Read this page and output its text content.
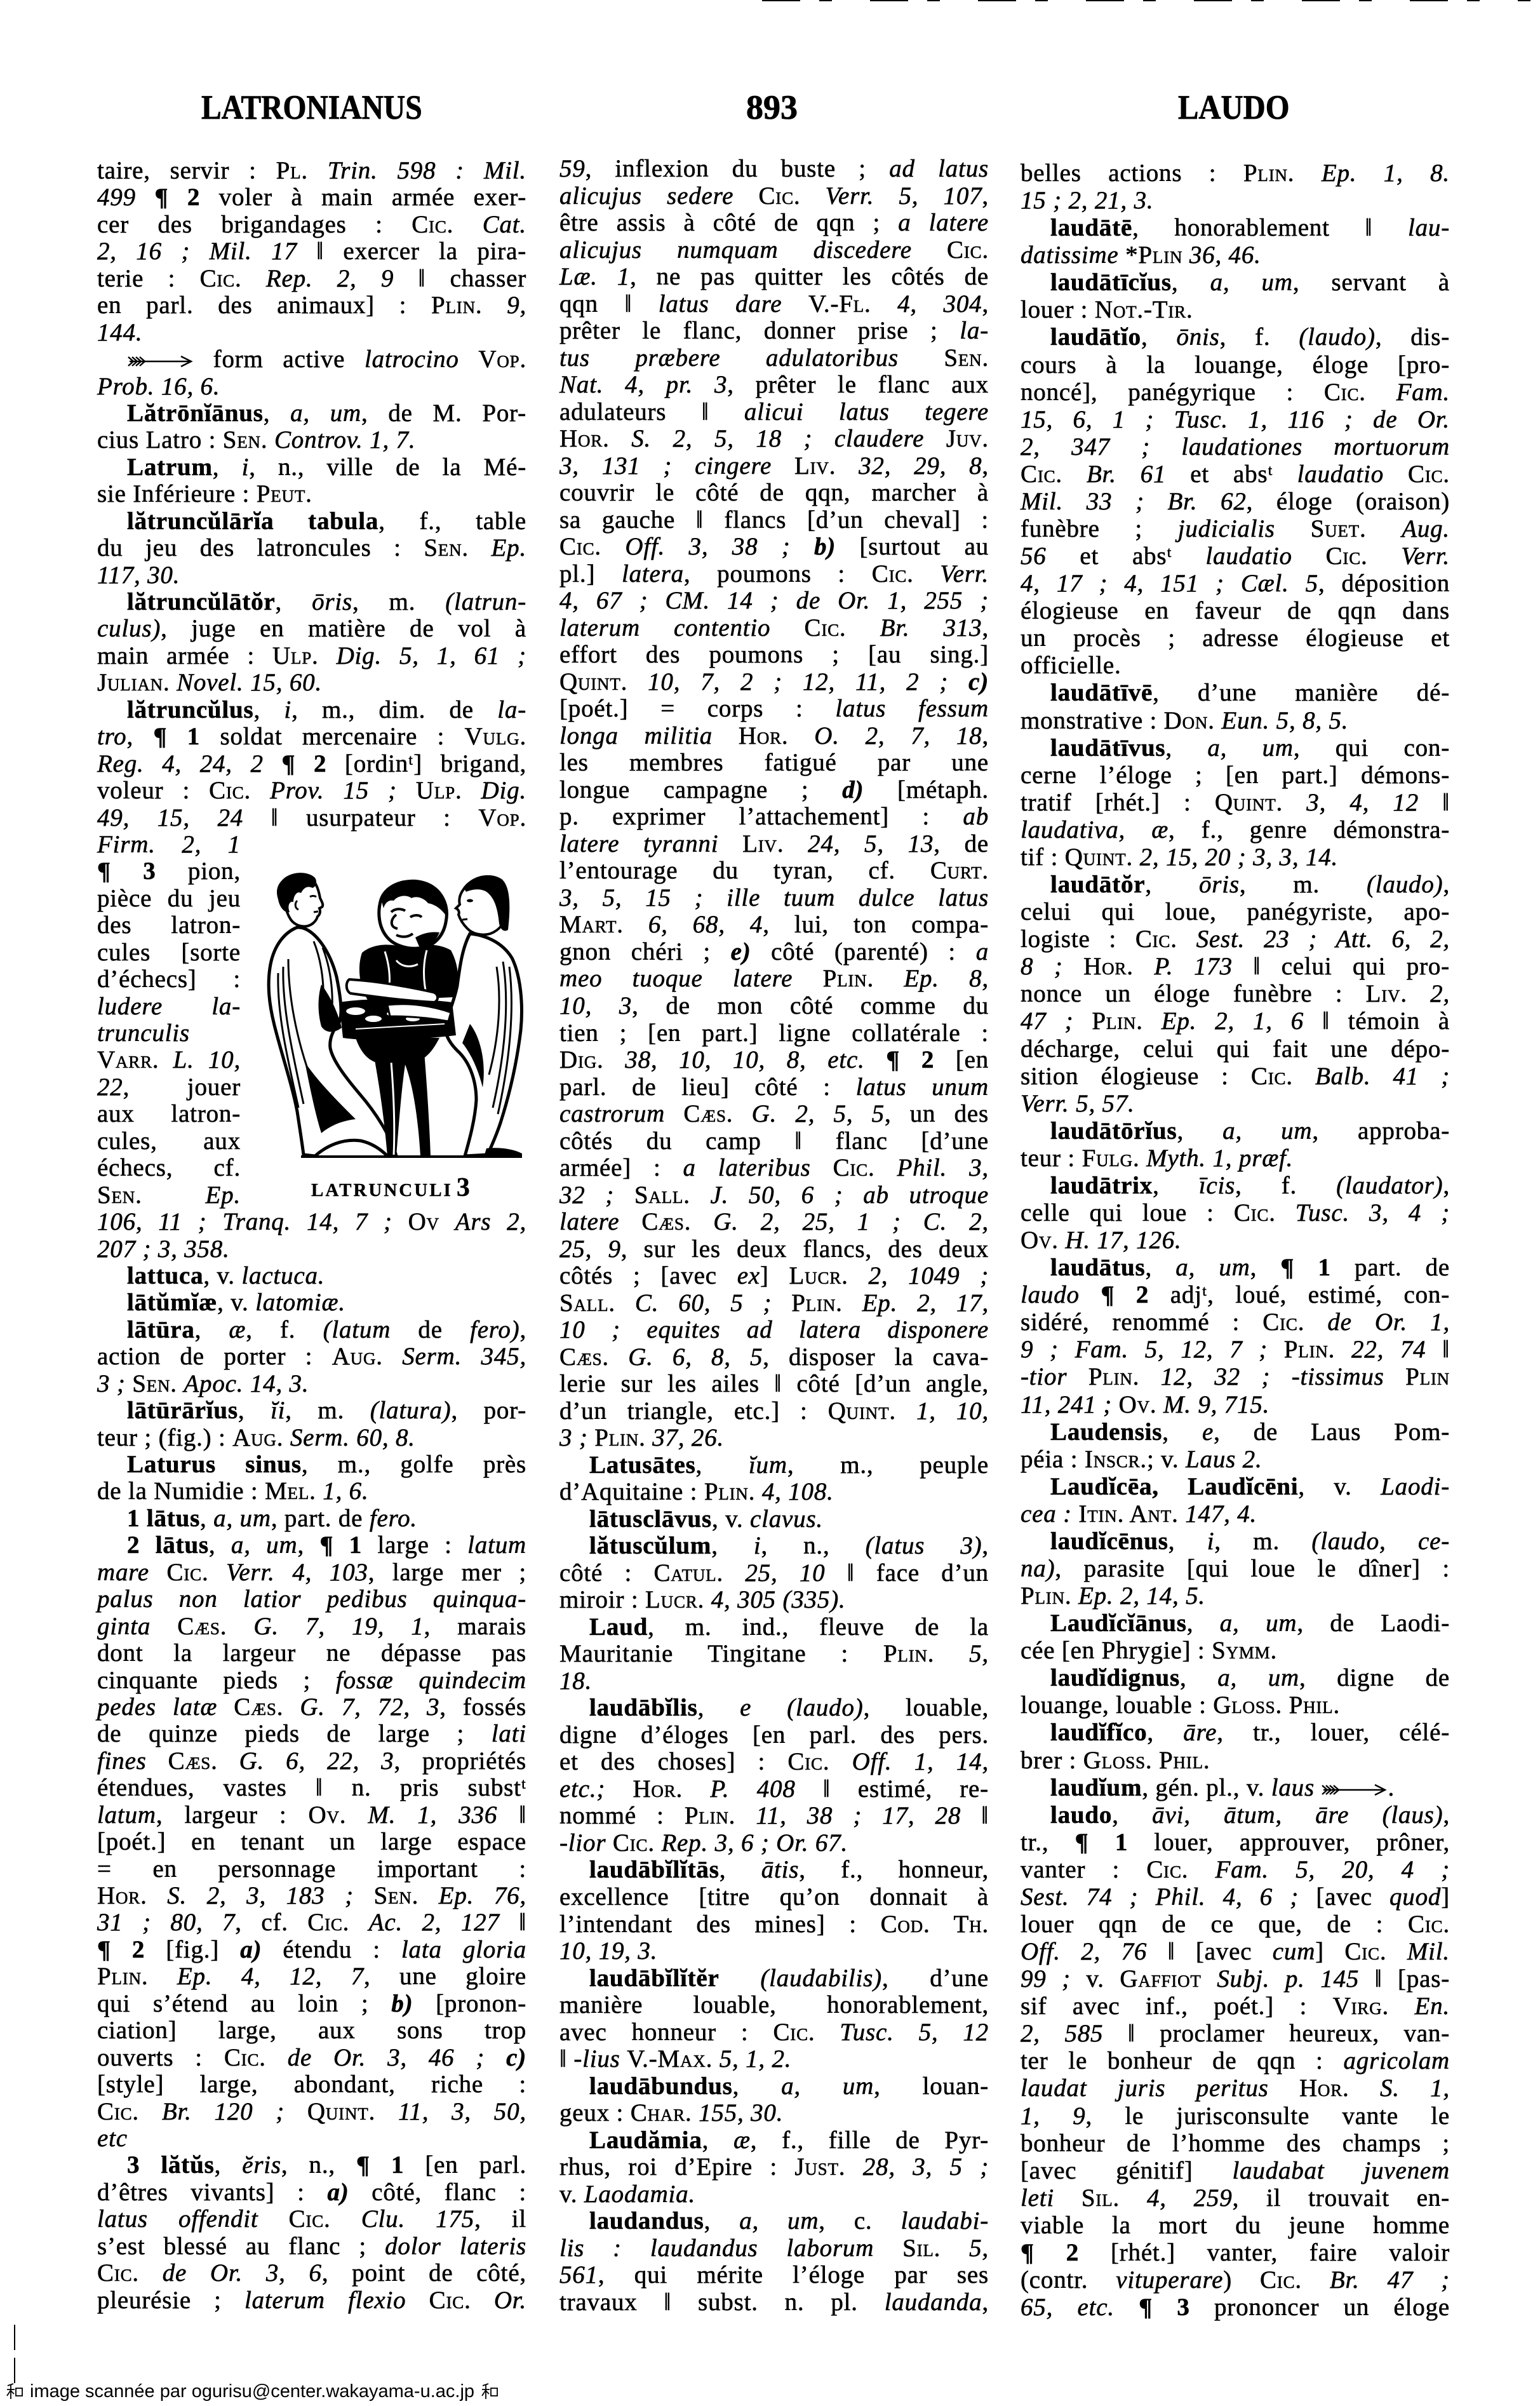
LATRONIANUS	893	LAUDO
taire, servir : Pl. Trin. 598 : Mil.
499 ¶ 2 voler à main armée exer-
cer des brigandages : Cic. Cat.
2, 16 ; Mil. 17 ‖ exercer la pira-
terie : Cic. Rep. 2, 9 ‖ chasser
en parl. des animaux] : Plin. 9,
144.
form active latrocino Vop.
Prob. 16, 6.
Lătrōnĭānus, a, um, de M. Por-
cius Latro : Sen. Controv. 1, 7.
Latrum, i, n., ville de la Mé-
sie Inférieure : Peut.
lătruncŭlārĭa tabula, f., table
du jeu des latroncules : Sen. Ep.
117, 30.
lătruncŭlātŏr, ōris, m. (latrun-
culus), juge en matière de vol à
main armée : Ulp. Dig. 5, 1, 61 ;
Julian. Novel. 15, 60.
lătruncŭlus, i, m., dim. de la-
tro, ¶ 1 soldat mercenaire : Vulg.
Reg. 4, 24, 2 ¶ 2 [ordinᵗ] brigand,
voleur : Cic. Prov. 15 ; Ulp. Dig.
49, 15, 24 ‖ usurpateur : Vop.
LATRUNCULI 3
Firm. 2, 1
¶ 3 pion,
pièce du jeu
des latron-
cules [sorte
d’échecs] :
ludere la-
trunculis
Varr. L. 10,
22, jouer
aux latron-
cules, aux
échecs, cf.
Sen.	Ep.
106, 11 ; Tranq. 14, 7 ; Ov Ars 2,
207 ; 3, 358.
lattuca, v. lactuca.
lātŭmĭæ, v. latomiæ.
lātūra, æ, f. (latum de fero),
action de porter : Aug. Serm. 345,
3 ; Sen. Apoc. 14, 3.
lātūrārĭus, ĭi, m. (latura), por-
teur ; (fig.) : Aug. Serm. 60, 8.
Laturus sinus, m., golfe près
de la Numidie : Mel. 1, 6.
1 lātus, a, um, part. de fero.
2 lātus, a, um, ¶ 1 large : latum
mare Cic. Verr. 4, 103, large mer ;
palus non latior pedibus quinqua-
ginta Cæs. G. 7, 19, 1, marais
dont la largeur ne dépasse pas
cinquante pieds ; fossæ quindecim
pedes latæ Cæs. G. 7, 72, 3, fossés
de quinze pieds de large ; lati
fines Cæs. G. 6, 22, 3, propriétés
étendues, vastes ‖ n. pris substᵗ
latum, largeur : Ov. M. 1, 336 ‖
[poét.] en tenant un large espace
= en personnage important :
Hor. S. 2, 3, 183 ; Sen. Ep. 76,
31 ; 80, 7, cf. Cic. Ac. 2, 127 ‖
¶ 2 [fig.] a) étendu : lata gloria
Plin. Ep. 4, 12, 7, une gloire
qui s’étend au loin ; b) [pronon-
ciation] large, aux sons trop
ouverts : Cic. de Or. 3, 46 ; c)
[style] large, abondant, riche :
Cic. Br. 120 ; Quint. 11, 3, 50,
etc
3 lătŭs, ĕris, n., ¶ 1 [en parl.
d’êtres vivants] : a) côté, flanc :
latus offendit Cic. Clu. 175, il
s’est blessé au flanc ; dolor lateris
Cic. de Or. 3, 6, point de côté,
pleurésie ; laterum flexio Cic. Or.
59, inflexion du buste ; ad latus
alicujus sedere Cic. Verr. 5, 107,
être assis à côté de qqn ; a latere
alicujus numquam discedere Cic.
Læ. 1, ne pas quitter les côtés de
qqn ‖ latus dare V.-Fl. 4, 304,
prêter le flanc, donner prise ; la-
tus præbere adulatoribus Sen.
Nat. 4, pr. 3, prêter le flanc aux
adulateurs ‖ alicui latus tegere
Hor. S. 2, 5, 18 ; claudere Juv.
3, 131 ; cingere Liv. 32, 29, 8,
couvrir le côté de qqn, marcher à
sa gauche ‖ flancs [d’un cheval] :
Cic. Off. 3, 38 ; b) [surtout au
pl.] latera, poumons : Cic. Verr.
4, 67 ; CM. 14 ; de Or. 1, 255 ;
laterum contentio Cic. Br. 313,
effort des poumons ; [au sing.]
Quint. 10, 7, 2 ; 12, 11, 2 ; c)
[poét.] = corps : latus fessum
longa militia Hor. O. 2, 7, 18,
les membres fatigué par une
longue campagne ; d) [métaph.
p. exprimer l’attachement] : ab
latere tyranni Liv. 24, 5, 13, de
l’entourage du tyran, cf. Curt.
3, 5, 15 ; ille tuum dulce latus
Mart. 6, 68, 4, lui, ton compa-
gnon chéri ; e) côté (parenté) : a
meo tuoque latere Plin. Ep. 8,
10, 3, de mon côté comme du
tien ; [en part.] ligne collatérale :
Dig. 38, 10, 10, 8, etc. ¶ 2 [en
parl. de lieu] côté : latus unum
castrorum Cæs. G. 2, 5, 5, un des
côtés du camp ‖ flanc [d’une
armée] : a lateribus Cic. Phil. 3,
32 ; Sall. J. 50, 6 ; ab utroque
latere Cæs. G. 2, 25, 1 ; C. 2,
25, 9, sur les deux flancs, des deux
côtés ; [avec ex] Lucr. 2, 1049 ;
Sall. C. 60, 5 ; Plin. Ep. 2, 17,
10 ; equites ad latera disponere
Cæs. G. 6, 8, 5, disposer la cava-
lerie sur les ailes ‖ côté [d’un angle,
d’un triangle, etc.] : Quint. 1, 10,
3 ; Plin. 37, 26.
Latusātes, ĭum, m., peuple
d’Aquitaine : Plin. 4, 108.
lātusclāvus, v. clavus.
lătuscŭlum, i, n., (latus 3),
côté : Catul. 25, 10 ‖ face d’un
miroir : Lucr. 4, 305 (335).
Laud, m. ind., fleuve de la
Mauritanie Tingitane : Plin. 5,
18.
laudābĭlis, e (laudo), louable,
digne d’éloges [en parl. des pers.
et des choses] : Cic. Off. 1, 14,
etc.; Hor. P. 408 ‖ estimé, re-
nommé : Plin. 11, 38 ; 17, 28 ‖
-lior Cic. Rep. 3, 6 ; Or. 67.
laudābĭlĭtās, ātis, f., honneur,
excellence [titre qu’on donnait à
l’intendant des mines] : Cod. Th.
10, 19, 3.
laudābĭlĭtĕr (laudabilis), d’une
manière louable, honorablement,
avec honneur : Cic. Tusc. 5, 12
‖ -lius V.-Max. 5, 1, 2.
laudābundus, a, um, louan-
geux : Char. 155, 30.
Laudămia, æ, f., fille de Pyr-
rhus, roi d’Epire : Just. 28, 3, 5 ;
v. Laodamia.
laudandus, a, um, c. laudabi-
lis : laudandus laborum Sil. 5,
561, qui mérite l’éloge par ses
travaux ‖ subst. n. pl. laudanda,
belles actions : Plin. Ep. 1, 8.
15 ; 2, 21, 3.
laudātē, honorablement ‖ lau-
datissime *Plin 36, 46.
laudātīcĭus, a, um, servant à
louer : Not.-Tir.
laudātĭo, ōnis, f. (laudo), dis-
cours à la louange, éloge [pro-
noncé], panégyrique : Cic. Fam.
15, 6, 1 ; Tusc. 1, 116 ; de Or.
2, 347 ; laudationes mortuorum
Cic. Br. 61 et absᵗ laudatio Cic.
Mil. 33 ; Br. 62, éloge (oraison)
funèbre ; judicialis Suet. Aug.
56 et absᵗ laudatio Cic. Verr.
4, 17 ; 4, 151 ; Cæl. 5, déposition
élogieuse en faveur de qqn dans
un procès ; adresse élogieuse et
officielle.
laudātīvē, d’une manière dé-
monstrative : Don. Eun. 5, 8, 5.
laudātīvus, a, um, qui con-
cerne l’éloge ; [en part.] démons-
tratif [rhét.] : Quint. 3, 4, 12 ‖
laudativa, æ, f., genre démonstra-
tif : Quint. 2, 15, 20 ; 3, 3, 14.
laudātŏr, ōris, m. (laudo),
celui qui loue, panégyriste, apo-
logiste : Cic. Sest. 23 ; Att. 6, 2,
8 ; Hor. P. 173 ‖ celui qui pro-
nonce un éloge funèbre : Liv. 2,
47 ; Plin. Ep. 2, 1, 6 ‖ témoin à
décharge, celui qui fait une dépo-
sition élogieuse : Cic. Balb. 41 ;
Verr. 5, 57.
laudātōrĭus, a, um, approba-
teur : Fulg. Myth. 1, præf.
laudātrix, īcis, f. (laudator),
celle qui loue : Cic. Tusc. 3, 4 ;
Ov. H. 17, 126.
laudātus, a, um, ¶ 1 part. de
laudo ¶ 2 adjᵗ, loué, estimé, con-
sidéré, renommé : Cic. de Or. 1,
9 ; Fam. 5, 12, 7 ; Plin. 22, 74 ‖
-tior Plin. 12, 32 ; -tissimus Plin
11, 241 ; Ov. M. 9, 715.
Laudensis, e, de Laus Pom-
péia : Inscr.; v. Laus 2.
Laudĭcēa, Laudĭcēni, v. Laodi-
cea : Itin. Ant. 147, 4.
laudĭcēnus, i, m. (laudo, ce-
na), parasite [qui loue le dîner] :
Plin. Ep. 2, 14, 5.
Laudĭcĭānus, a, um, de Laodi-
cée [en Phrygie] : Symm.
laudĭdignus, a, um, digne de
louange, louable : Gloss. Phil.
laudĭfĭco, āre, tr., louer, célé-
brer : Gloss. Phil.
laudĭum, gén. pl., v. laus	.
laudo, āvi, ātum, āre (laus),
tr., ¶ 1 louer, approuver, prôner,
vanter : Cic. Fam. 5, 20, 4 ;
Sest. 74 ; Phil. 4, 6 ; [avec quod]
louer qqn de ce que, de : Cic.
Off. 2, 76 ‖ [avec cum] Cic. Mil.
99 ; v. Gaffiot Subj. p. 145 ‖ [pas-
sif avec inf., poét.] : Virg. En.
2, 585 ‖ proclamer heureux, van-
ter le bonheur de qqn : agricolam
laudat juris peritus Hor. S. 1,
1, 9, le jurisconsulte vante le
bonheur de l’homme des champs ;
[avec génitif] laudabat juvenem
leti Sil. 4, 259, il trouvait en-
viable la mort du jeune homme
¶ 2 [rhét.] vanter, faire valoir
(contr. vituperare) Cic. Br. 47 ;
65, etc. ¶ 3 prononcer un éloge
image scannée par ogurisu@center.wakayama-u.ac.jp
